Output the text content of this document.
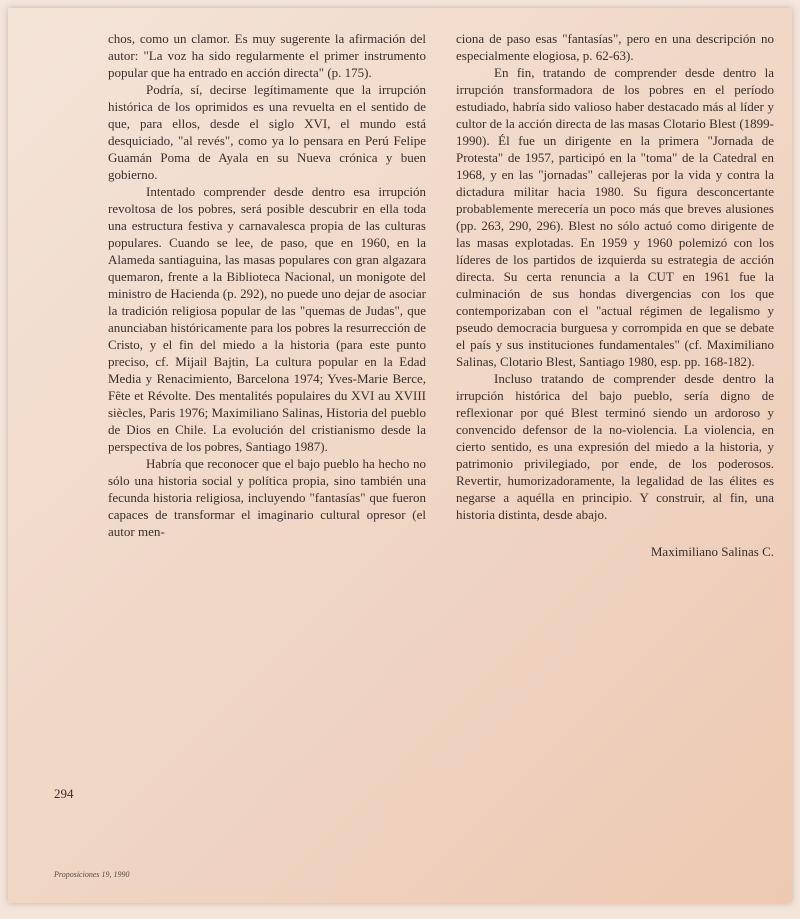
chos, como un clamor. Es muy sugerente la afirmación del autor: "La voz ha sido regularmente el primer instrumento popular que ha entrado en acción directa" (p. 175).

Podría, sí, decirse legítimamente que la irrupción histórica de los oprimidos es una revuelta en el sentido de que, para ellos, desde el siglo XVI, el mundo está desquiciado, "al revés", como ya lo pensara en Perú Felipe Guamán Poma de Ayala en su Nueva crónica y buen gobierno.

Intentado comprender desde dentro esa irrupción revoltosa de los pobres, será posible descubrir en ella toda una estructura festiva y carnavalesca propia de las culturas populares. Cuando se lee, de paso, que en 1960, en la Alameda santiaguina, las masas populares con gran algazara quemaron, frente a la Biblioteca Nacional, un monigote del ministro de Hacienda (p. 292), no puede uno dejar de asociar la tradición religiosa popular de las "quemas de Judas", que anunciaban históricamente para los pobres la resurrección de Cristo, y el fin del miedo a la historia (para este punto preciso, cf. Mijail Bajtin, La cultura popular en la Edad Media y Renacimiento, Barcelona 1974; Yves-Marie Berce, Fête et Révolte. Des mentalités populaires du XVI au XVIII siècles, Paris 1976; Maximiliano Salinas, Historia del pueblo de Dios en Chile. La evolución del cristianismo desde la perspectiva de los pobres, Santiago 1987).

Habría que reconocer que el bajo pueblo ha hecho no sólo una historia social y política propia, sino también una fecunda historia religiosa, incluyendo "fantasías" que fueron capaces de transformar el imaginario cultural opresor (el autor men-

ciona de paso esas "fantasías", pero en una descripción no especialmente elogiosa, p. 62-63).

En fin, tratando de comprender desde dentro la irrupción transformadora de los pobres en el período estudiado, habría sido valioso haber destacado más al líder y cultor de la acción directa de las masas Clotario Blest (1899-1990). Él fue un dirigente en la primera "Jornada de Protesta" de 1957, participó en la "toma" de la Catedral en 1968, y en las "jornadas" callejeras por la vida y contra la dictadura militar hacia 1980. Su figura desconcertante probablemente merecería un poco más que breves alusiones (pp. 263, 290, 296). Blest no sólo actuó como dirigente de las masas explotadas. En 1959 y 1960 polemizó con los líderes de los partidos de izquierda su estrategia de acción directa. Su certa renuncia a la CUT en 1961 fue la culminación de sus hondas divergencias con los que contemporizaban con el "actual régimen de legalismo y pseudo democracia burguesa y corrompida en que se debate el país y sus instituciones fundamentales" (cf. Maximiliano Salinas, Clotario Blest, Santiago 1980, esp. pp. 168-182).

Incluso tratando de comprender desde dentro la irrupción histórica del bajo pueblo, sería digno de reflexionar por qué Blest terminó siendo un ardoroso y convencido defensor de la no-violencia. La violencia, en cierto sentido, es una expresión del miedo a la historia, y patrimonio privilegiado, por ende, de los poderosos. Revertir, humorizadoramente, la legalidad de las élites es negarse a aquélla en principio. Y construir, al fin, una historia distinta, desde abajo.

Maximiliano Salinas C.
294
Proposiciones 19, 1990
